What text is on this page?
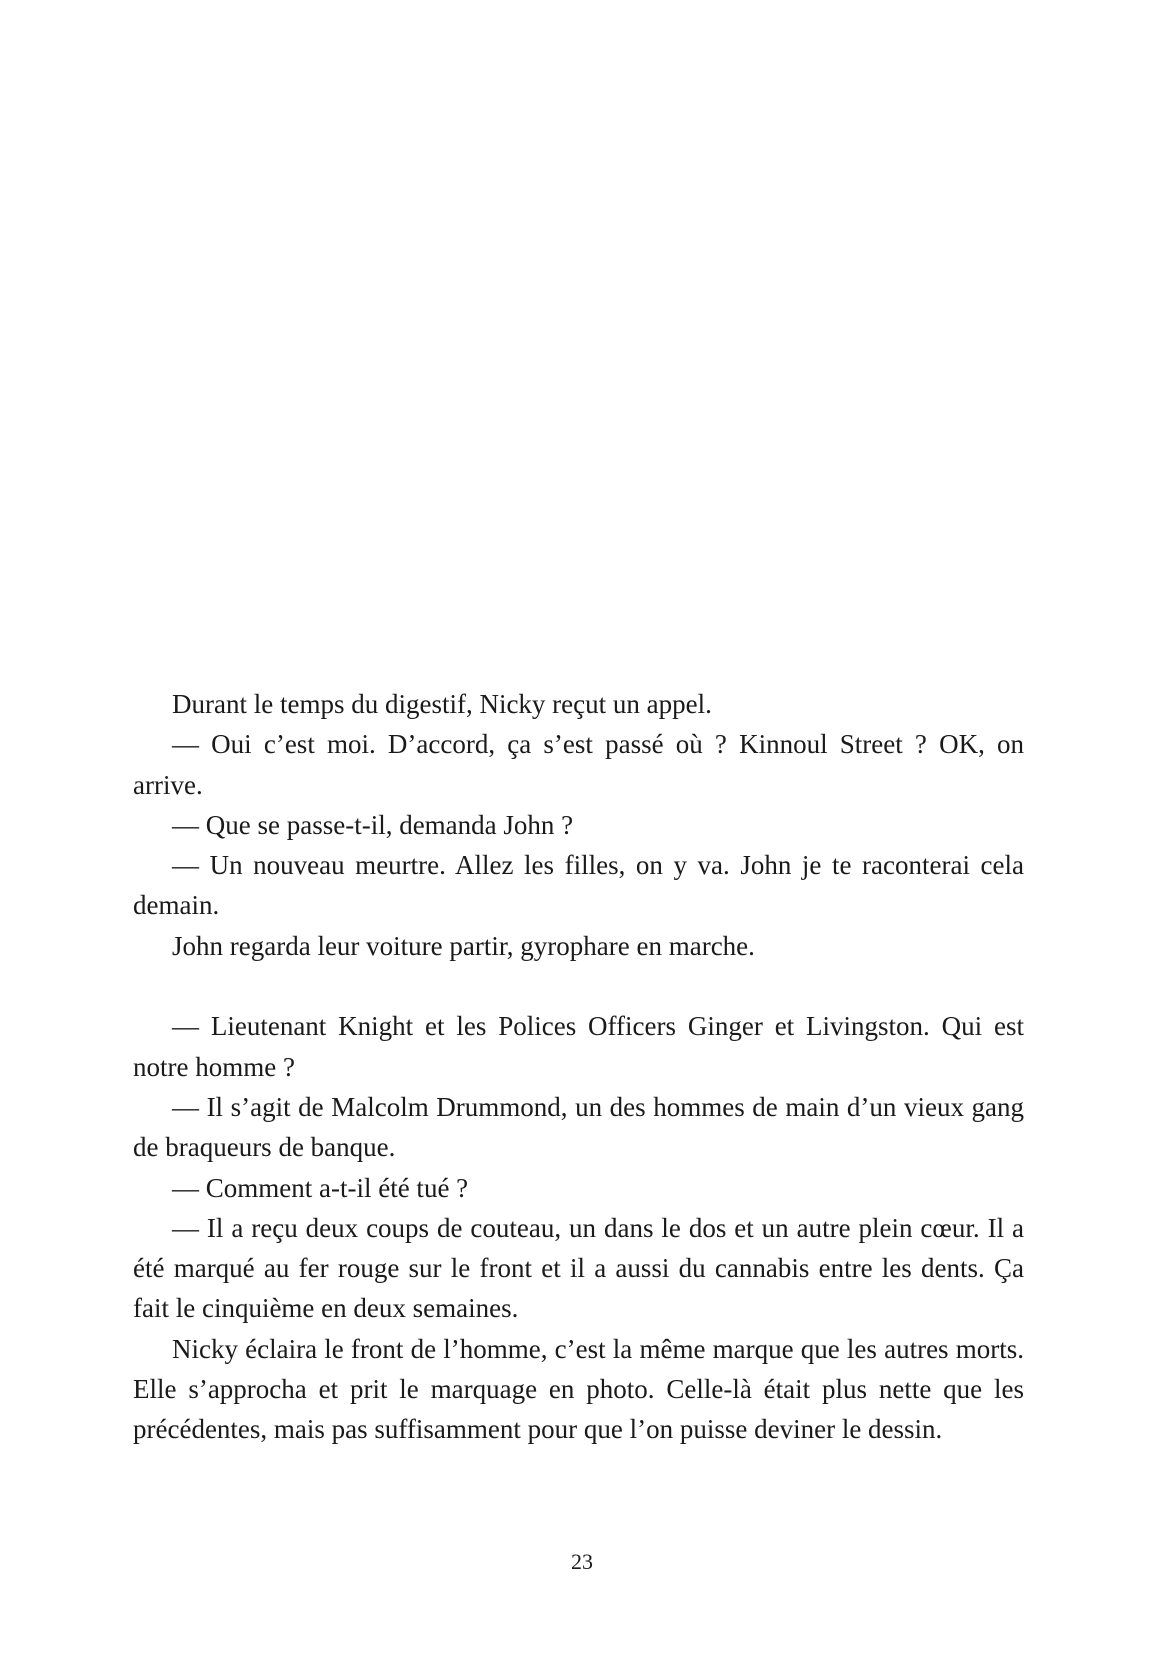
Durant le temps du digestif, Nicky reçut un appel.

— Oui c’est moi. D’accord, ça s’est passé où ? Kinnoul Street ? OK, on arrive.

— Que se passe-t-il, demanda John ?

— Un nouveau meurtre. Allez les filles, on y va. John je te raconterai cela demain.

John regarda leur voiture partir, gyrophare en marche.

— Lieutenant Knight et les Polices Officers Ginger et Livingston. Qui est notre homme ?

— Il s’agit de Malcolm Drummond, un des hommes de main d’un vieux gang de braqueurs de banque.

— Comment a-t-il été tué ?

— Il a reçu deux coups de couteau, un dans le dos et un autre plein cœur. Il a été marqué au fer rouge sur le front et il a aussi du cannabis entre les dents. Ça fait le cinquième en deux semaines.

Nicky éclaira le front de l’homme, c’est la même marque que les autres morts. Elle s’approcha et prit le marquage en photo. Celle-là était plus nette que les précédentes, mais pas suffisamment pour que l’on puisse deviner le dessin.

23
